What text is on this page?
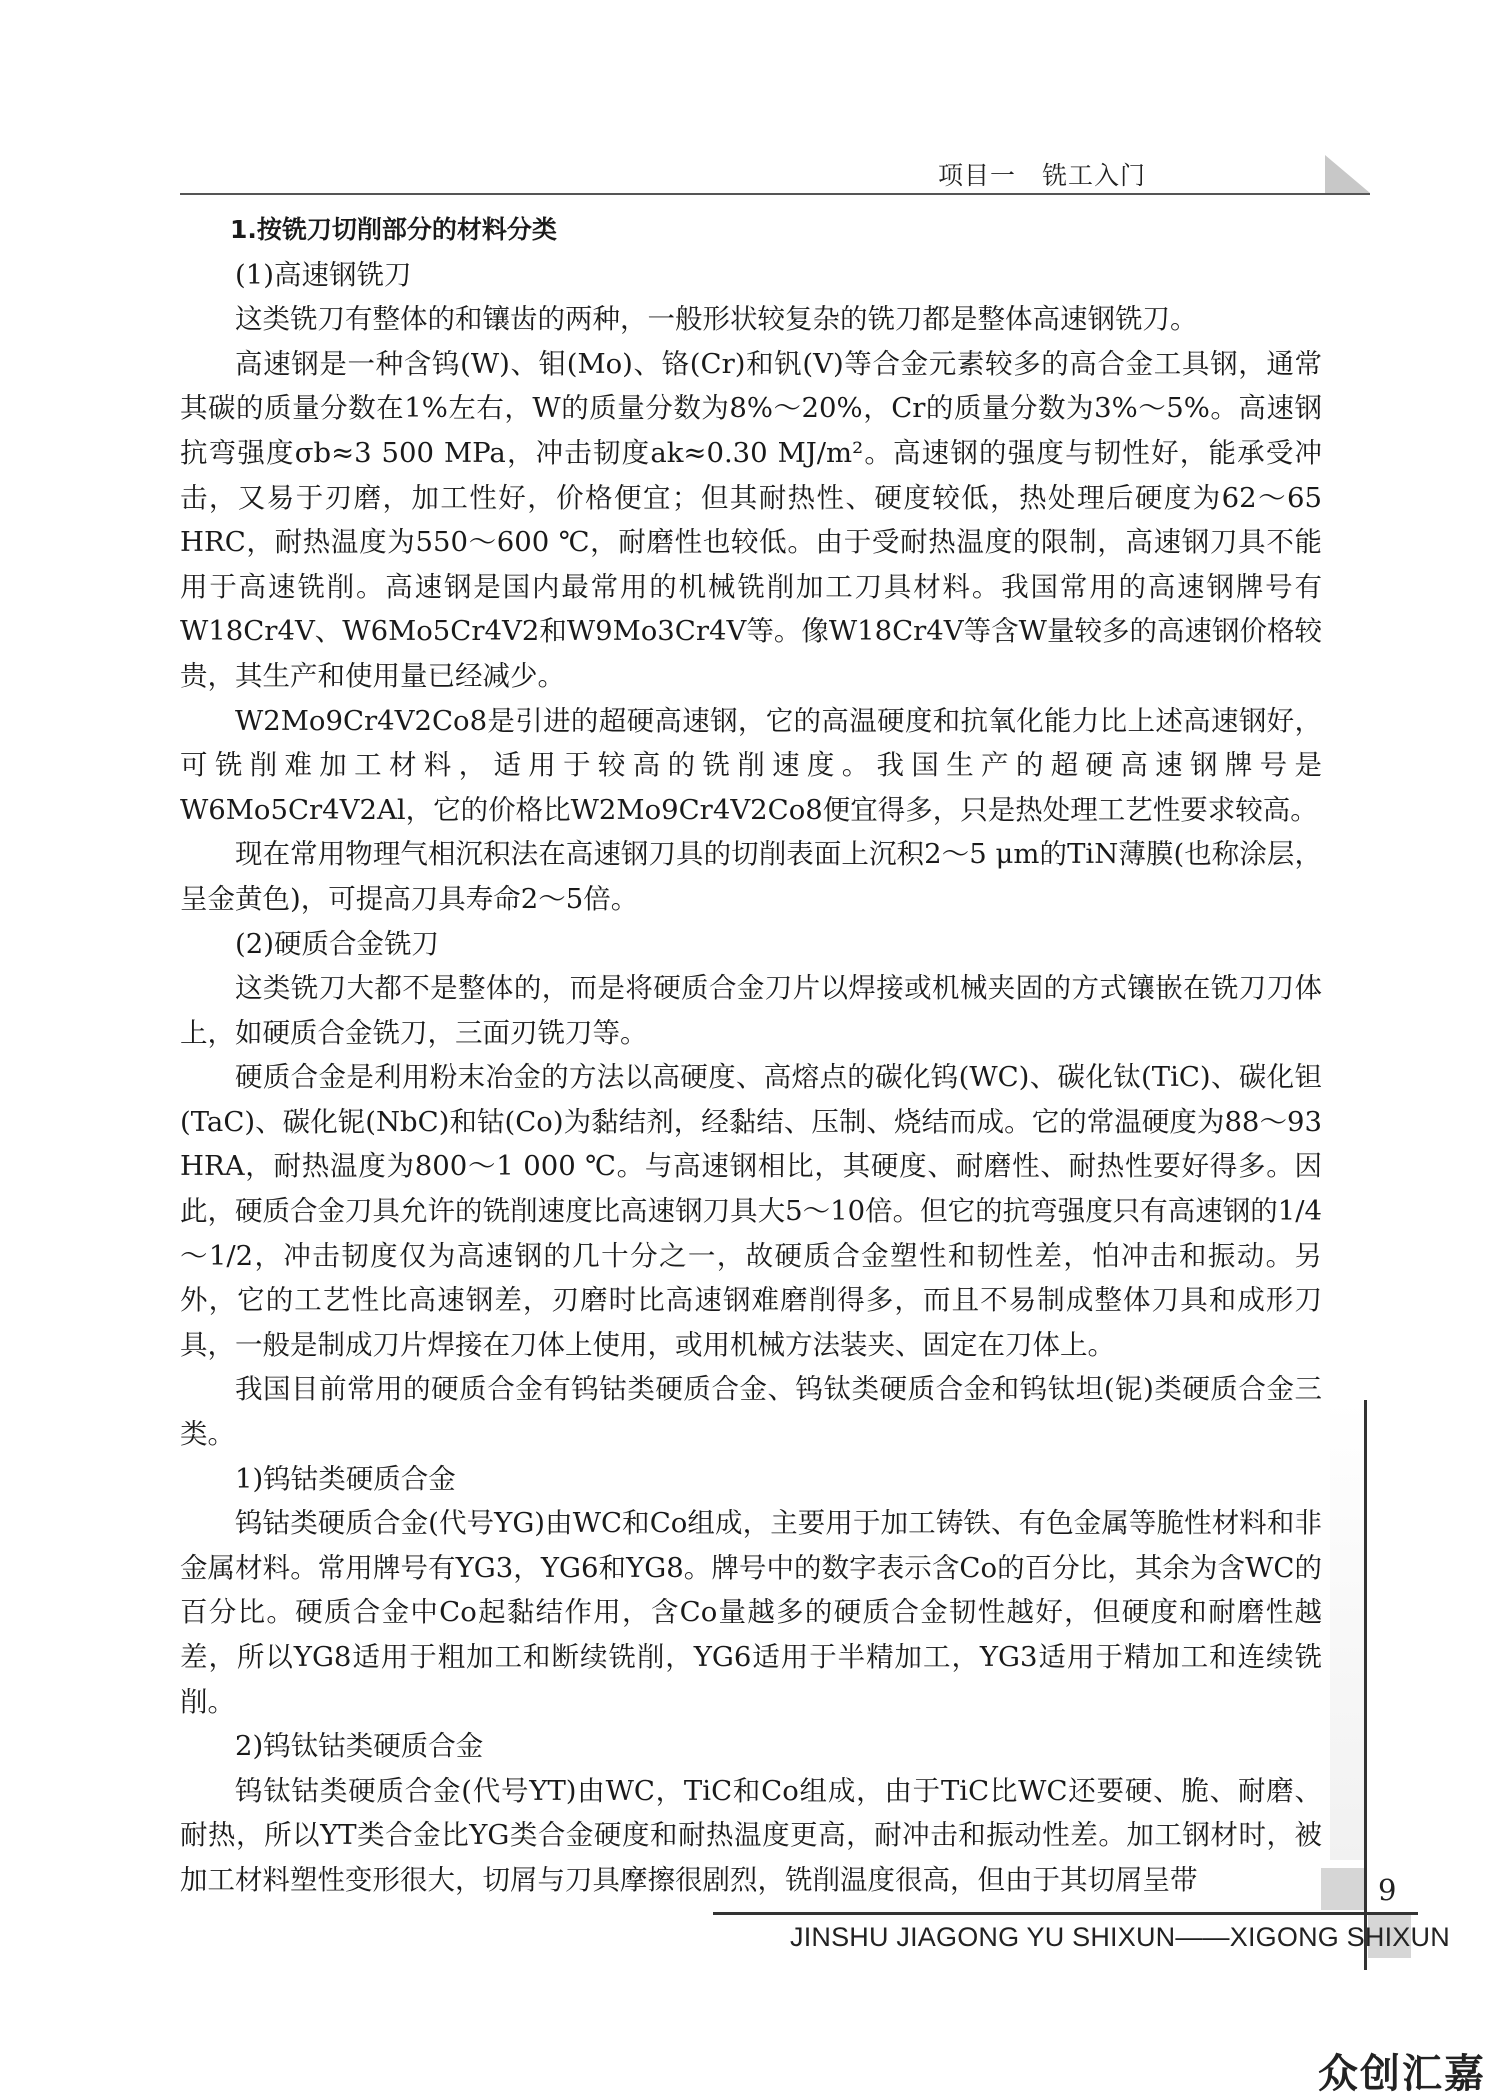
项目一　铣工入门

1.按铣刀切削部分的材料分类

(1)高速钢铣刀

这类铣刀有整体的和镶齿的两种，一般形状较复杂的铣刀都是整体高速钢铣刀。

高速钢是一种含钨(W)、钼(Mo)、铬(Cr)和钒(V)等合金元素较多的高合金工具钢，通常其碳的质量分数在1%左右，W的质量分数为8%～20%，Cr的质量分数为3%～5%。高速钢抗弯强度σb≈3 500 MPa，冲击韧度ak≈0.30 MJ/m²。高速钢的强度与韧性好，能承受冲击，又易于刃磨，加工性好，价格便宜；但其耐热性、硬度较低，热处理后硬度为62～65 HRC，耐热温度为550～600 ℃，耐磨性也较低。由于受耐热温度的限制，高速钢刀具不能用于高速铣削。高速钢是国内最常用的机械铣削加工刀具材料。我国常用的高速钢牌号有W18Cr4V、W6Mo5Cr4V2和W9Mo3Cr4V等。像W18Cr4V等含W量较多的高速钢价格较贵，其生产和使用量已经减少。

W2Mo9Cr4V2Co8是引进的超硬高速钢，它的高温硬度和抗氧化能力比上述高速钢好，可铣削难加工材料，适用于较高的铣削速度。我国生产的超硬高速钢牌号是W6Mo5Cr4V2Al，它的价格比W2Mo9Cr4V2Co8便宜得多，只是热处理工艺性要求较高。

现在常用物理气相沉积法在高速钢刀具的切削表面上沉积2～5 μm的TiN薄膜(也称涂层，呈金黄色)，可提高刀具寿命2～5倍。

(2)硬质合金铣刀

这类铣刀大都不是整体的，而是将硬质合金刀片以焊接或机械夹固的方式镶嵌在铣刀刀体上，如硬质合金铣刀，三面刃铣刀等。

硬质合金是利用粉末冶金的方法以高硬度、高熔点的碳化钨(WC)、碳化钛(TiC)、碳化钽(TaC)、碳化铌(NbC)和钴(Co)为黏结剂，经黏结、压制、烧结而成。它的常温硬度为88～93 HRA，耐热温度为800～1 000 ℃。与高速钢相比，其硬度、耐磨性、耐热性要好得多。因此，硬质合金刀具允许的铣削速度比高速钢刀具大5～10倍。但它的抗弯强度只有高速钢的1/4～1/2，冲击韧度仅为高速钢的几十分之一，故硬质合金塑性和韧性差，怕冲击和振动。另外，它的工艺性比高速钢差，刃磨时比高速钢难磨削得多，而且不易制成整体刀具和成形刀具，一般是制成刀片焊接在刀体上使用，或用机械方法装夹、固定在刀体上。

我国目前常用的硬质合金有钨钴类硬质合金、钨钛类硬质合金和钨钛坦(铌)类硬质合金三类。

1)钨钴类硬质合金

钨钴类硬质合金(代号YG)由WC和Co组成，主要用于加工铸铁、有色金属等脆性材料和非金属材料。常用牌号有YG3，YG6和YG8。牌号中的数字表示含Co的百分比，其余为含WC的百分比。硬质合金中Co起黏结作用，含Co量越多的硬质合金韧性越好，但硬度和耐磨性越差，所以YG8适用于粗加工和断续铣削，YG6适用于半精加工，YG3适用于精加工和连续铣削。

2)钨钛钴类硬质合金

钨钛钴类硬质合金(代号YT)由WC，TiC和Co组成，由于TiC比WC还要硬、脆、耐磨、耐热，所以YT类合金比YG类合金硬度和耐热温度更高，耐冲击和振动性差。加工钢材时，被加工材料塑性变形很大，切屑与刀具摩擦很剧烈，铣削温度很高，但由于其切屑呈带	9
JINSHU JIAGONG YU SHIXUN——XIGONG SHIXUN
众创汇嘉
